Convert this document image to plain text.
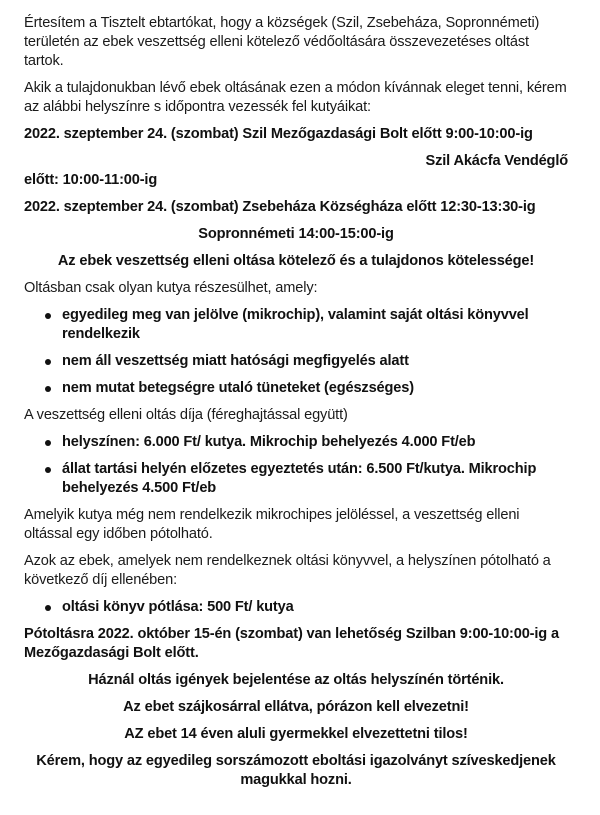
Értesítem a Tisztelt ebtartókat, hogy a községek (Szil, Zsebeháza, Sopronnémeti) területén az ebek veszettség elleni kötelező védőoltására összevezetéses oltást tartok.

Akik a tulajdonukban lévő ebek oltásának ezen a módon kívánnak eleget tenni, kérem az alábbi helyszínre s időpontra vezessék fel kutyáikat:

2022. szeptember 24. (szombat) Szil Mezőgazdasági Bolt előtt 9:00-10:00-ig

Szil Akácfa Vendéglő

előtt: 10:00-11:00-ig

2022. szeptember 24. (szombat) Zsebeháza Községháza előtt 12:30-13:30-ig

Sopronnémeti 14:00-15:00-ig

Az ebek veszettség elleni oltása kötelező és a tulajdonos kötelessége!

Oltásban csak olyan kutya részesülhet, amely:

egyedileg meg van jelölve (mikrochip), valamint saját oltási könyvvel rendelkezik
nem áll veszettség miatt hatósági megfigyelés alatt
nem mutat betegségre utaló tüneteket (egészséges)

A veszettség elleni oltás díja (féreghajtással együtt)

helyszínen: 6.000 Ft/ kutya. Mikrochip behelyezés 4.000 Ft/eb
állat tartási helyén előzetes egyeztetés után: 6.500 Ft/kutya. Mikrochip behelyezés 4.500 Ft/eb

Amelyik kutya még nem rendelkezik mikrochipes jelöléssel, a veszettség elleni oltással egy időben pótolható.

Azok az ebek, amelyek nem rendelkeznek oltási könyvvel, a helyszínen pótolható a következő díj ellenében:

oltási könyv pótlása: 500 Ft/ kutya

Pótoltásra 2022. október 15-én (szombat) van lehetőség Szilban 9:00-10:00-ig a Mezőgazdasági Bolt előtt.

Háznál oltás igények bejelentése az oltás helyszínén történik.

Az ebet szájkosárral ellátva, pórázon kell elvezetni!

AZ ebet 14 éven aluli gyermekkel elvezettetni tilos!

Kérem, hogy az egyedileg sorszámozott eboltási igazolványt szíveskedjenek magukkal hozni.
